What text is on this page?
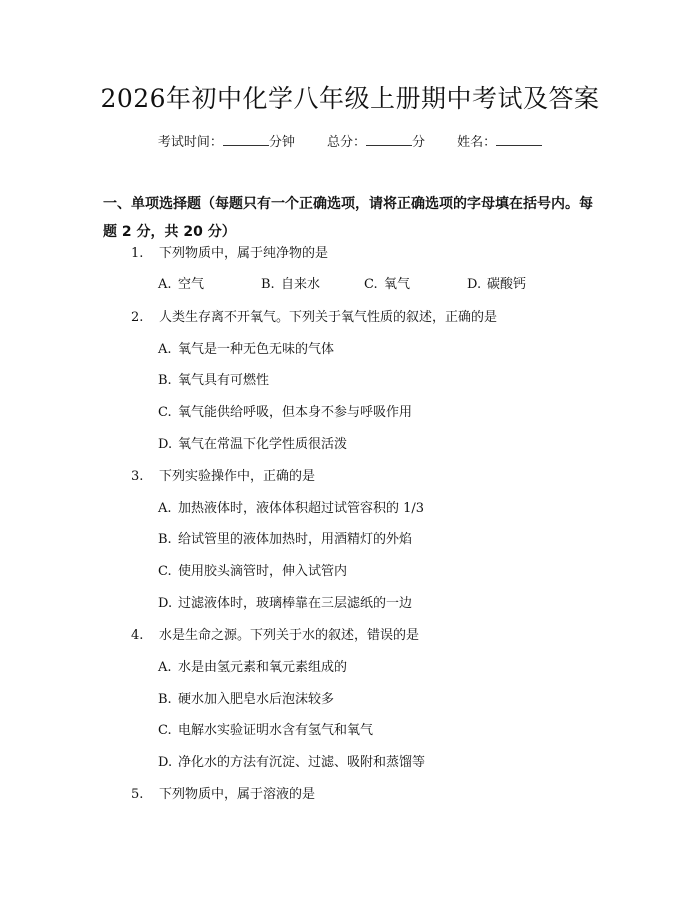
2026年初中化学八年级上册期中考试及答案
考试时间：	分钟 总分：	分 姓名：
一、单项选择题（每题只有一个正确选项，请将正确选项的字母填在括号内。每题 2 分，共 20 分）
1. 下列物质中，属于纯净物的是
A. 空气	B. 自来水	C. 氧气	D. 碳酸钙
2. 人类生存离不开氧气。下列关于氧气性质的叙述，正确的是
A. 氧气是一种无色无味的气体
B. 氧气具有可燃性
C. 氧气能供给呼吸，但本身不参与呼吸作用
D. 氧气在常温下化学性质很活泼
3. 下列实验操作中，正确的是
A. 加热液体时，液体体积超过试管容积的 1/3
B. 给试管里的液体加热时，用酒精灯的外焰
C. 使用胶头滴管时，伸入试管内
D. 过滤液体时，玻璃棒靠在三层滤纸的一边
4. 水是生命之源。下列关于水的叙述，错误的是
A. 水是由氢元素和氧元素组成的
B. 硬水加入肥皂水后泡沫较多
C. 电解水实验证明水含有氢气和氧气
D. 净化水的方法有沉淀、过滤、吸附和蒸馏等
5. 下列物质中，属于溶液的是
